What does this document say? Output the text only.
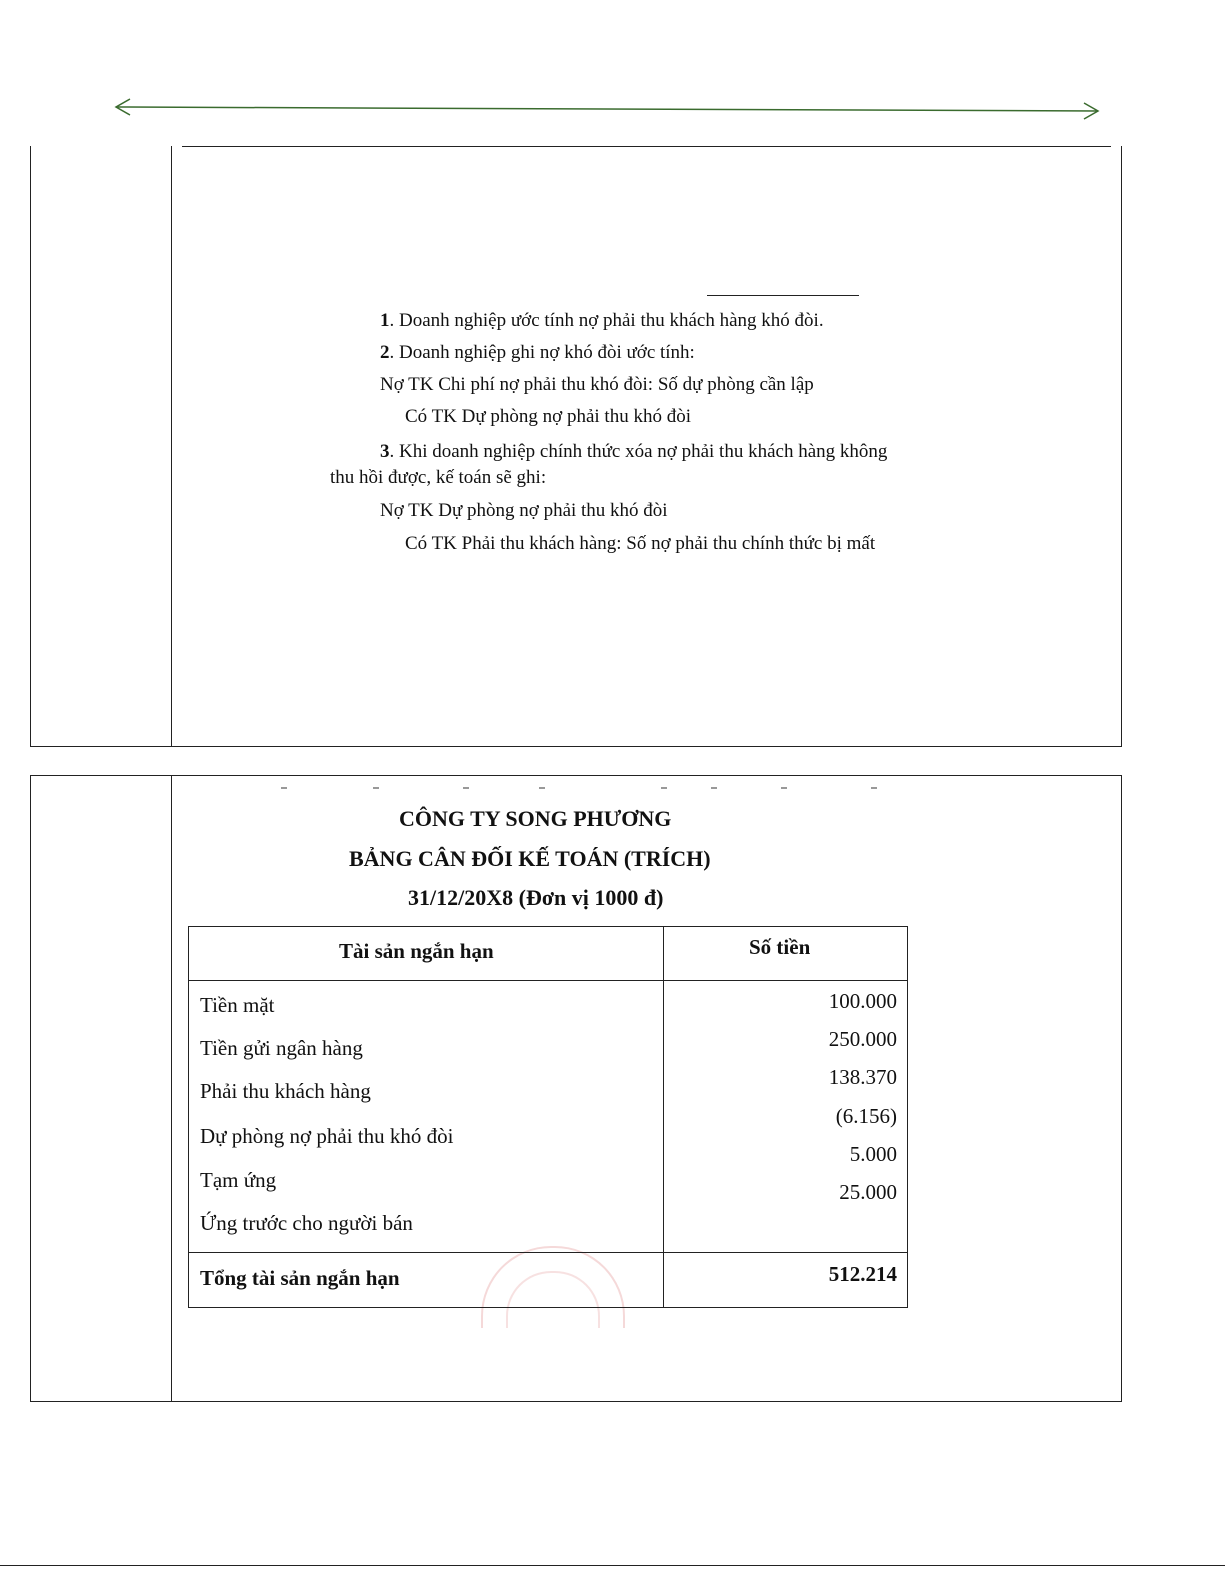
1. Doanh nghiệp ước tính nợ phải thu khách hàng khó đòi.
2. Doanh nghiệp ghi nợ khó đòi ước tính:
Nợ TK Chi phí nợ phải thu khó đòi: Số dự phòng cần lập
Có TK Dự phòng nợ phải thu khó đòi
3. Khi doanh nghiệp chính thức xóa nợ phải thu khách hàng không
thu hồi được, kế toán sẽ ghi:
Nợ TK Dự phòng nợ phải thu khó đòi
Có TK Phải thu khách hàng: Số nợ phải thu chính thức bị mất
CÔNG TY SONG PHƯƠNG
BẢNG CÂN ĐỐI KẾ TOÁN (TRÍCH)
31/12/20X8 (Đơn vị 1000 đ)
Tài sản ngắn hạn	Số tiền
Tiền mặt
Tiền gửi ngân hàng
Phải thu khách hàng
Dự phòng nợ phải thu khó đòi
Tạm ứng
Ứng trước cho người bán
100.000
250.000
138.370
(6.156)
5.000
25.000
Tổng tài sản ngắn hạn	512.214
